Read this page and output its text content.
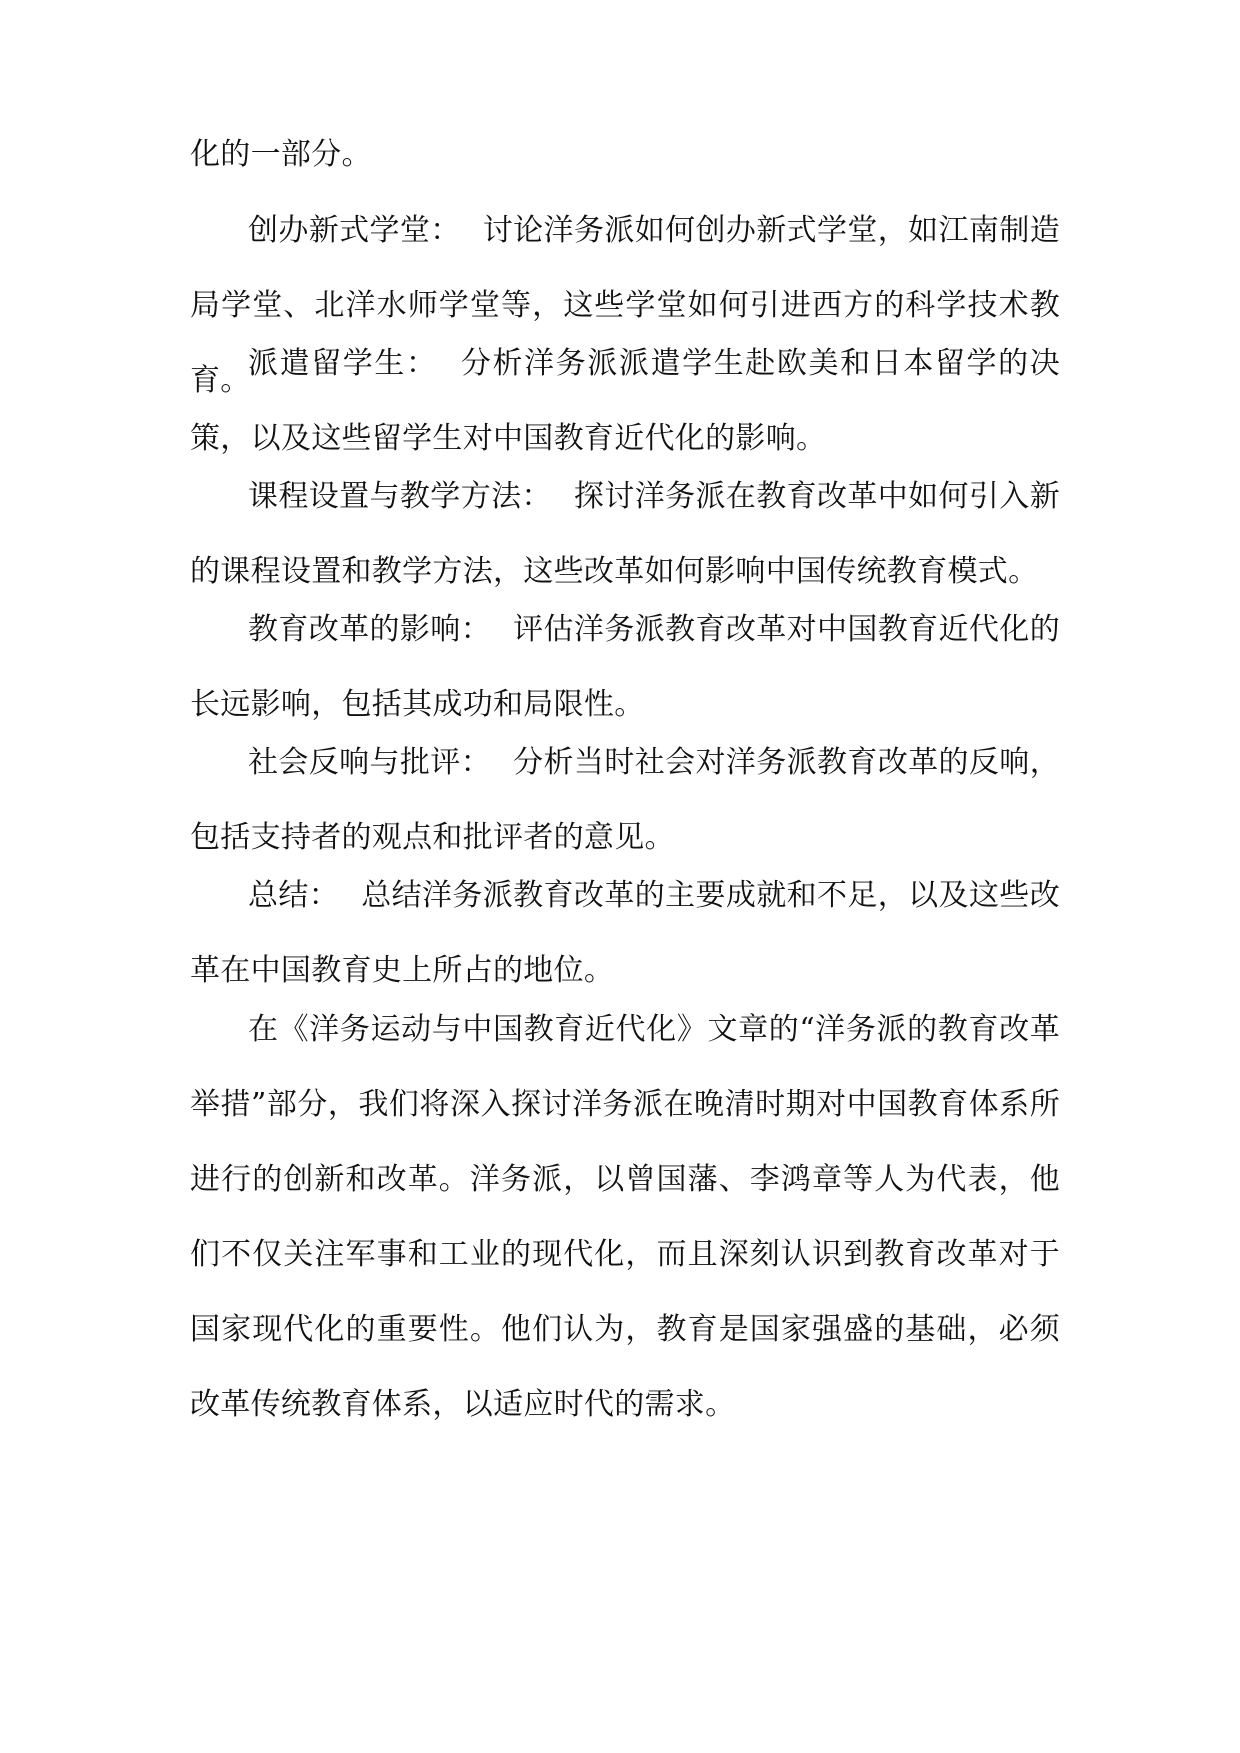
化的一部分。

创办新式学堂： 讨论洋务派如何创办新式学堂，如江南制造局学堂、北洋水师学堂等，这些学堂如何引进西方的科学技术教育。

派遣留学生： 分析洋务派派遣学生赴欧美和日本留学的决策，以及这些留学生对中国教育近代化的影响。

课程设置与教学方法： 探讨洋务派在教育改革中如何引入新的课程设置和教学方法，这些改革如何影响中国传统教育模式。

教育改革的影响： 评估洋务派教育改革对中国教育近代化的长远影响，包括其成功和局限性。

社会反响与批评： 分析当时社会对洋务派教育改革的反响，包括支持者的观点和批评者的意见。

总结： 总结洋务派教育改革的主要成就和不足，以及这些改革在中国教育史上所占的地位。

在《洋务运动与中国教育近代化》文章的“洋务派的教育改革举措”部分，我们将深入探讨洋务派在晚清时期对中国教育体系所进行的创新和改革。洋务派，以曾国藩、李鸿章等人为代表，他们不仅关注军事和工业的现代化，而且深刻认识到教育改革对于国家现代化的重要性。他们认为，教育是国家强盛的基础，必须改革传统教育体系，以适应时代的需求。
